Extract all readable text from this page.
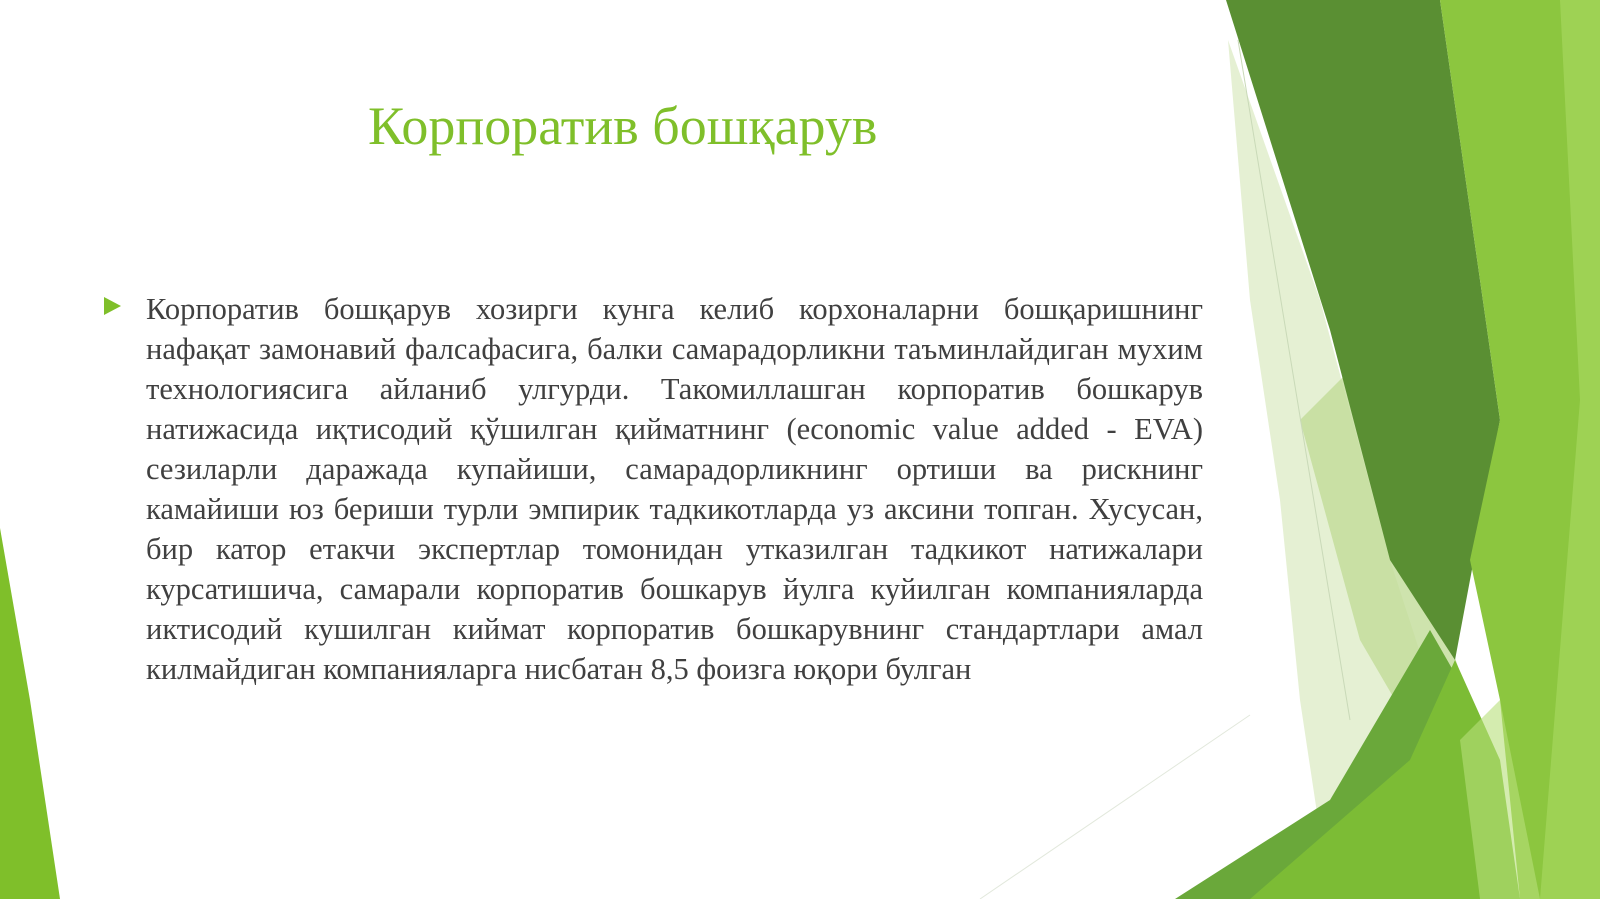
Корпоратив бошқарув
Корпоратив бошқарув хозирги кунга келиб корхоналарни бошқаришнинг нафақат замонавий фалсафасига, балки самарадорликни таъминлайдиган мухим технологиясига айланиб улгурди. Такомиллашган корпоратив бошкарув натижасида иқтисодий қўшилган қийматнинг (economic value added - EVA) сезиларли даражада купайиши, самарадорликнинг ортиши ва рискнинг камайиши юз бериши турли эмпирик тадкикотларда уз аксини топган. Хусусан, бир катор етакчи экспертлар томонидан утказилган тадкикот натижалари курсатишича, самарали корпоратив бошкарув йулга куйилган компанияларда иктисодий кушилган киймат корпоратив бошкарувнинг стандартлари амал килмайдиган компанияларга нисбатан 8,5 фоизга юқори булган
